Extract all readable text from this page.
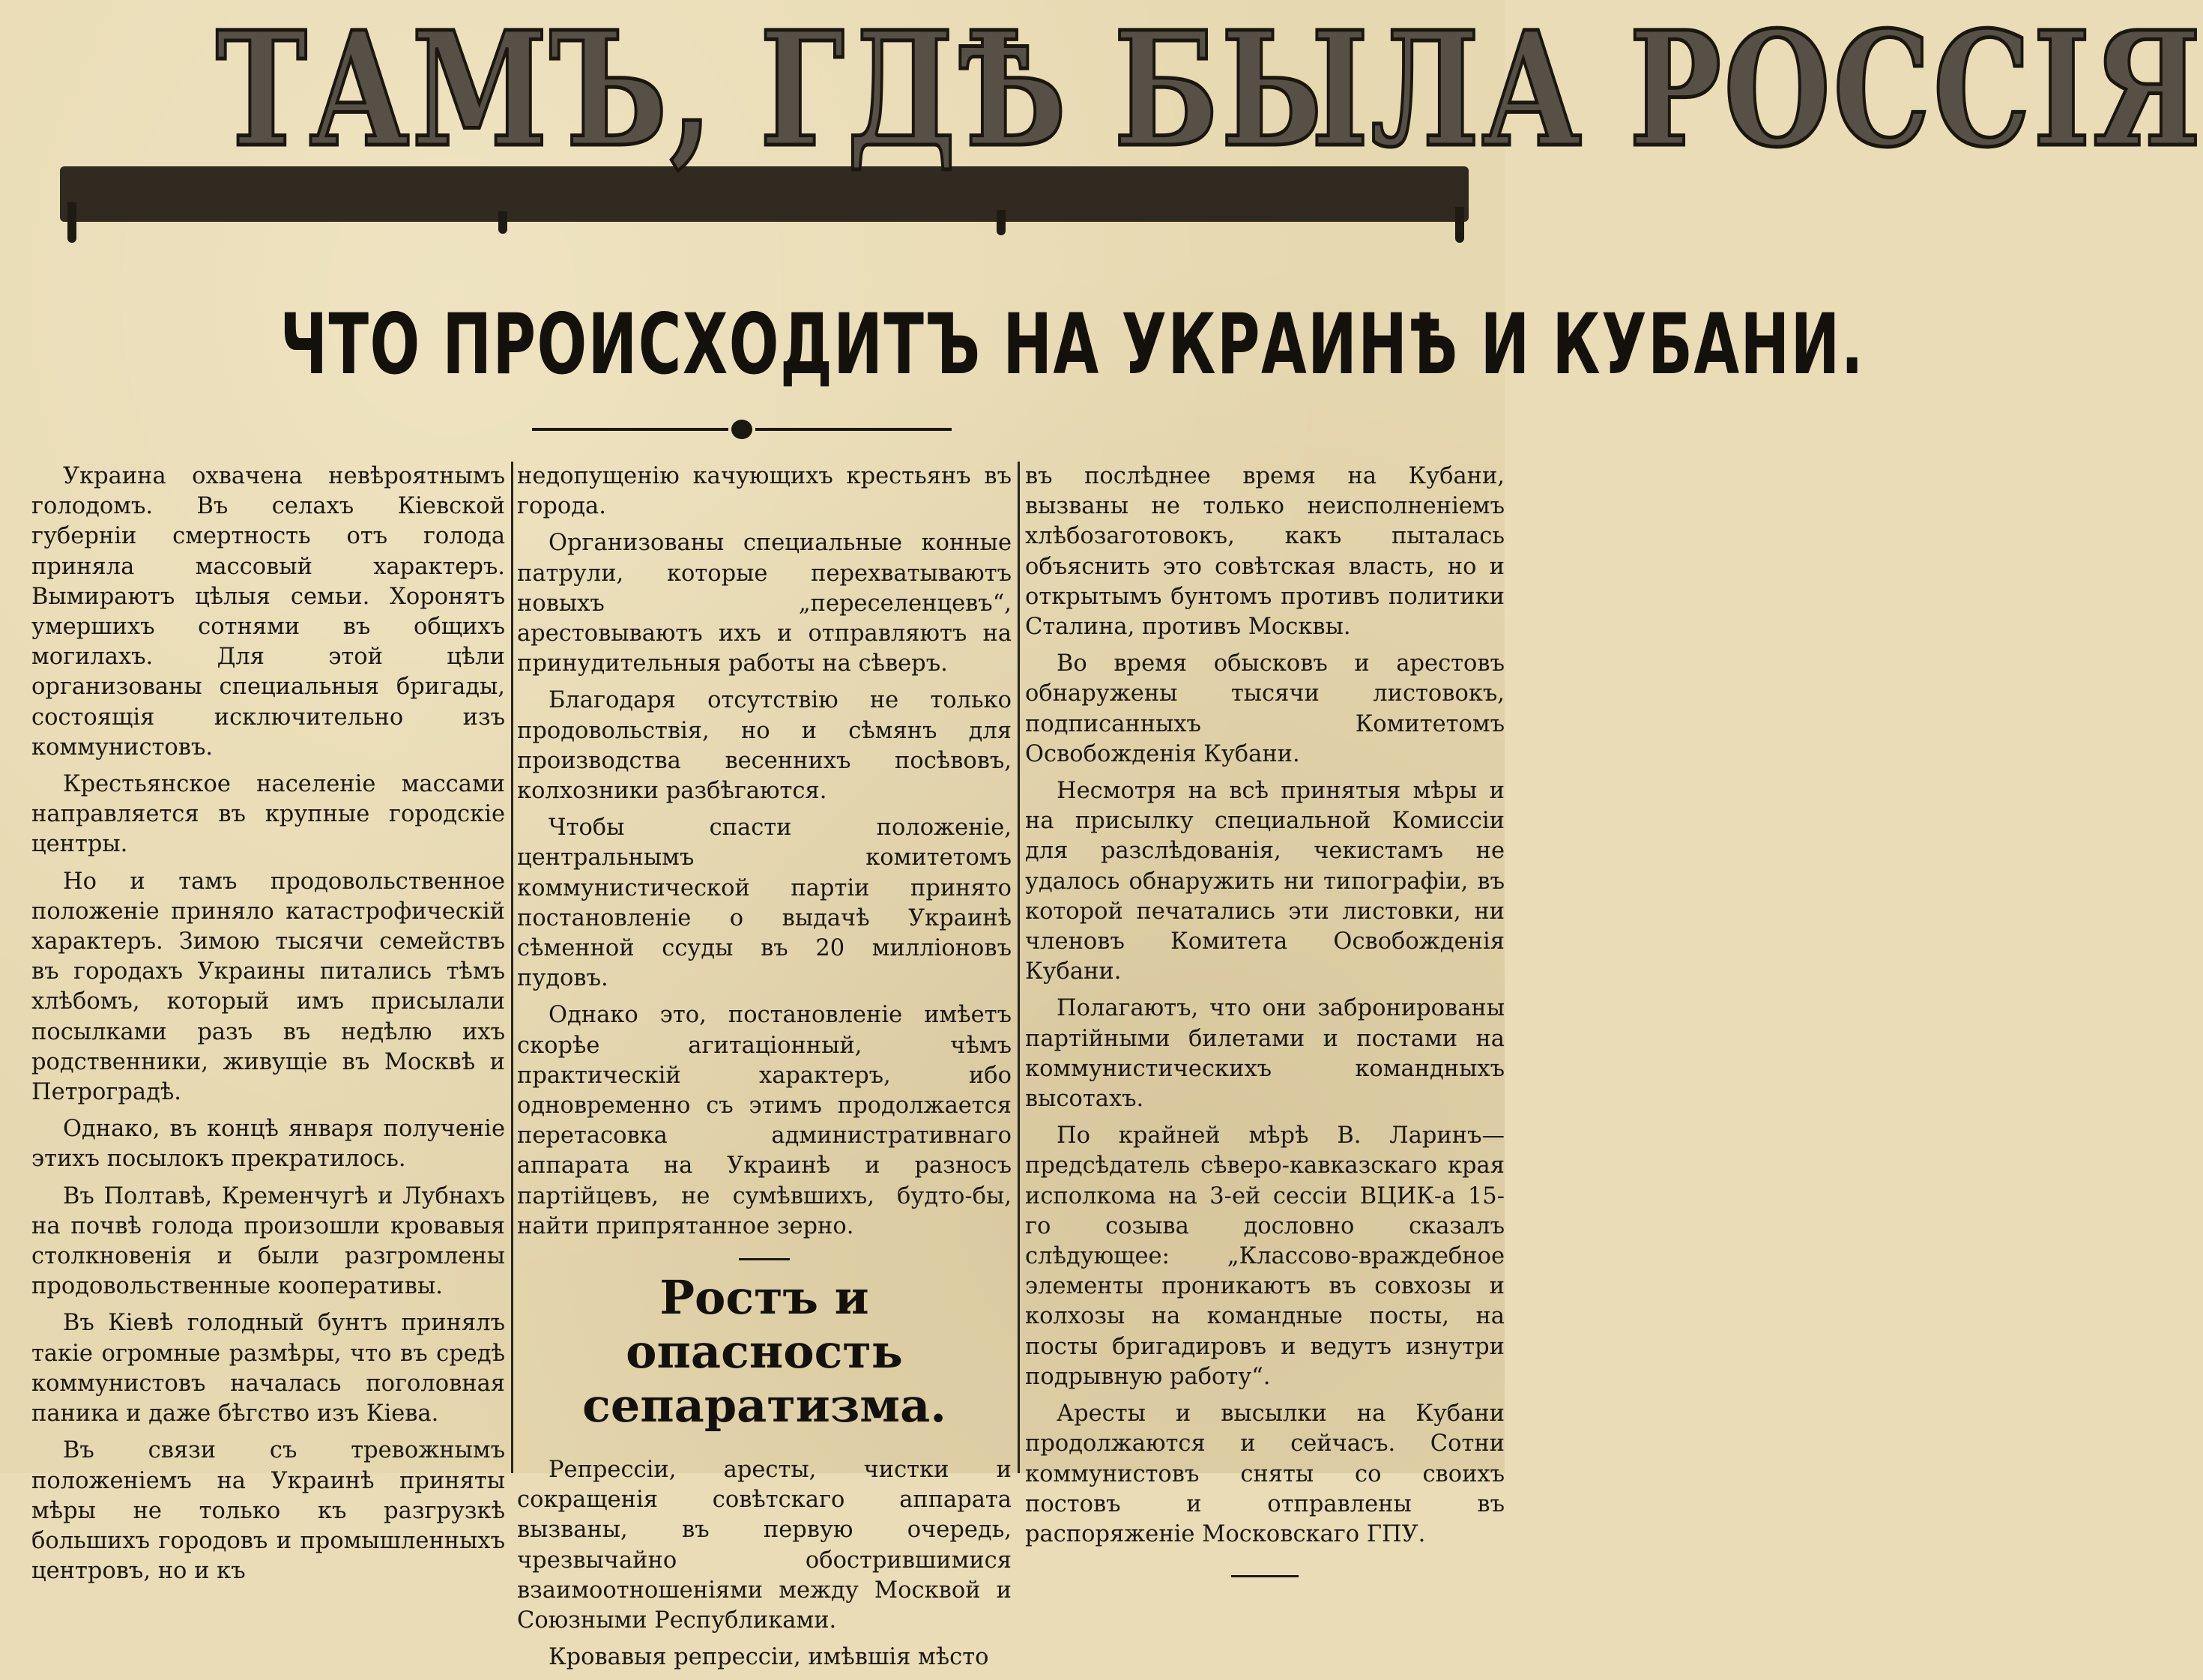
ТАМЪ, ГДѢ БЫЛА РОССІЯ
ЧТО ПРОИСХОДИТЪ НА УКРАИНѢ И КУБАНИ.

Украина охвачена невѣроятнымъ голодомъ. Въ селахъ Кіевской губерніи смертность отъ голода приняла массовый характеръ. Вымираютъ цѣлыя семьи. Хоронятъ умершихъ сотнями въ общихъ могилахъ. Для этой цѣли организованы специальныя бригады, состоящія исключительно изъ коммунистовъ.

Крестьянское населеніе массами направляется въ крупные городскіе центры.

Но и тамъ продовольственное положеніе приняло катастрофическій характеръ. Зимою тысячи семействъ въ городахъ Украины питались тѣмъ хлѣбомъ, который имъ присылали посылками разъ въ недѣлю ихъ родственники, живущіе въ Москвѣ и Петроградѣ.

Однако, въ концѣ января полученіе этихъ посылокъ прекратилось.

Въ Полтавѣ, Кременчугѣ и Лубнахъ на почвѣ голода произошли кровавыя столкновенія и были разгромлены продовольственные кооперативы.

Въ Кіевѣ голодный бунтъ принялъ такіе огромные размѣры, что въ средѣ коммунистовъ началась поголовная паника и даже бѣгство изъ Кіева.

Въ связи съ тревожнымъ положеніемъ на Украинѣ приняты мѣры не только къ разгрузкѣ большихъ городовъ и промышленныхъ центровъ, но и къ

недопущенію качующихъ крестьянъ въ города.

Организованы специальные конные патрули, которые перехватываютъ новыхъ „переселенцевъ“, арестовываютъ ихъ и отправляютъ на принудительныя работы на сѣверъ.

Благодаря отсутствію не только продовольствія, но и сѣмянъ для производства весеннихъ посѣвовъ, колхозники разбѣгаются.

Чтобы спасти положеніе, центральнымъ комитетомъ коммунистической партіи принято постановленіе о выдачѣ Украинѣ сѣменной ссуды въ 20 милліоновъ пудовъ.

Однако это, постановленіе имѣетъ скорѣе агитаціонный, чѣмъ практическій характеръ, ибо одновременно съ этимъ продолжается перетасовка административнаго аппарата на Украинѣ и разносъ партійцевъ, не сумѣвшихъ, будто-бы, найти припрятанное зерно.

Ростъ и опасность сепаратизма.

Репрессіи, аресты, чистки и сокращенія совѣтскаго аппарата вызваны, въ первую очередь, чрезвычайно обострившимися взаимоотношеніями между Москвой и Союзными Республиками.

Кровавыя репрессіи, имѣвшія мѣсто

въ послѣднее время на Кубани, вызваны не только неисполненіемъ хлѣбозаготовокъ, какъ пыталась объяснить это совѣтская власть, но и открытымъ бунтомъ противъ политики Сталина, противъ Москвы.

Во время обысковъ и арестовъ обнаружены тысячи листовокъ, подписанныхъ Комитетомъ Освобожденія Кубани.

Несмотря на всѣ принятыя мѣры и на присылку специальной Комиссіи для разслѣдованія, чекистамъ не удалось обнаружить ни типографіи, въ которой печатались эти листовки, ни членовъ Комитета Освобожденія Кубани.

Полагаютъ, что они забронированы партійными билетами и постами на коммунистическихъ командныхъ высотахъ.

По крайней мѣрѣ В. Ларинъ—предсѣдатель сѣверо-кавказскаго края исполкома на 3-ей сессіи ВЦИК-а 15-го созыва дословно сказалъ слѣдующее: „Классово-враждебное элементы проникаютъ въ совхозы и колхозы на командные посты, на посты бригадировъ и ведутъ изнутри подрывную работу“.

Аресты и высылки на Кубани продолжаются и сейчасъ. Сотни коммунистовъ сняты со своихъ постовъ и отправлены въ распоряженіе Московскаго ГПУ.
